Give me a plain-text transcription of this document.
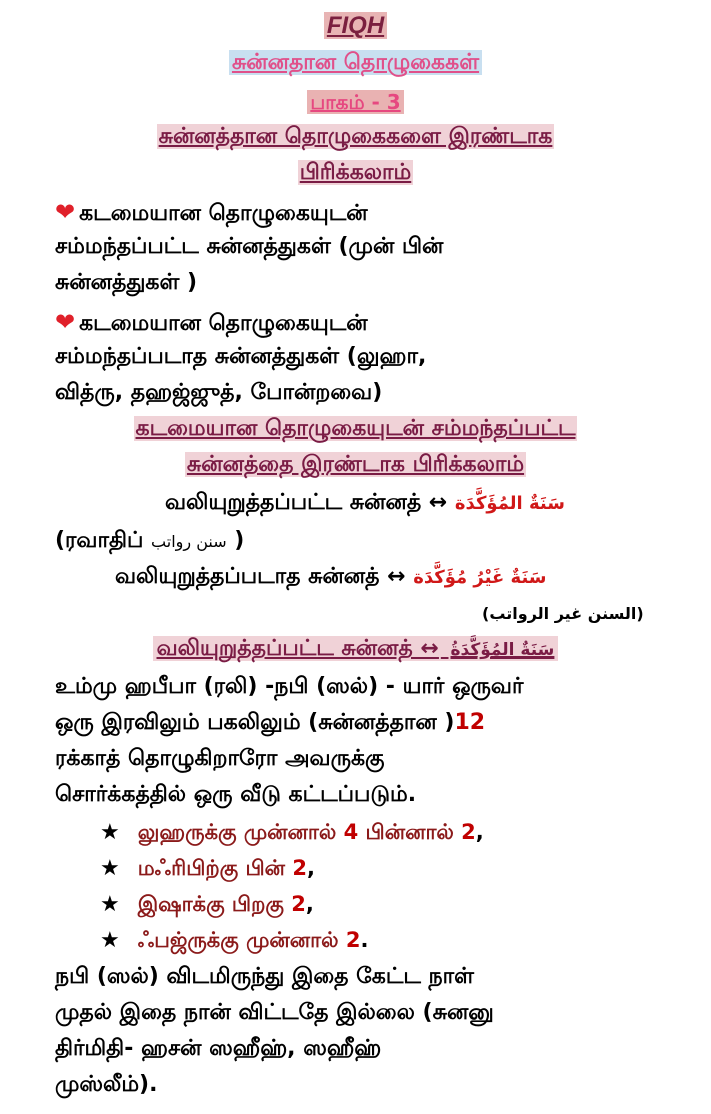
FIQH
சுன்னதான தொழுகைகள்
பாகம் - 3
சுன்னத்தான தொழுகைகளை இரண்டாக
பிரிக்கலாம்
❤ கடமையான தொழுகையுடன்
சம்மந்தப்பட்ட சுன்னத்துகள் (முன் பின்
சுன்னத்துகள் )
❤ கடமையான தொழுகையுடன்
சம்மந்தப்படாத சுன்னத்துகள் (லுஹா,
வித்ரு, தஹஜ்ஜுத், போன்றவை)
கடமையான தொழுகையுடன் சம்மந்தப்பட்ட
சுன்னத்தை இரண்டாக பிரிக்கலாம்
வலியுறுத்தப்பட்ட சுன்னத் ↔ سَنَةٌ المُؤَكَّدَة
(ரவாதிப் سنن رواتب )
வலியுறுத்தப்படாத சுன்னத் ↔ سَنَةٌ غَيْرُ مُؤَكَّدَة
(السنن غير الرواتب)
வலியுறுத்தப்பட்ட சுன்னத் ↔ سَنَةٌ المُؤَكَّدَةُ
உம்மு ஹபீபா (ரலி) -நபி (ஸல்) - யார் ஒருவர்
ஒரு இரவிலும் பகலிலும் (சுன்னத்தான )12
ரக்காத் தொழுகிறாரோ அவருக்கு
சொர்க்கத்தில் ஒரு வீடு கட்டப்படும்.
★ லுஹருக்கு முன்னால் 4 பின்னால் 2,
★ மஃரிபிற்கு பின் 2,
★ இஷாக்கு பிறகு 2,
★ ஃபஜ்ருக்கு முன்னால் 2.
நபி (ஸல்) விடமிருந்து இதை கேட்ட நாள்
முதல் இதை நான் விட்டதே இல்லை (சுனனு
திர்மிதி- ஹசன் ஸஹீஹ், ஸஹீஹ்
முஸ்லீம்).
